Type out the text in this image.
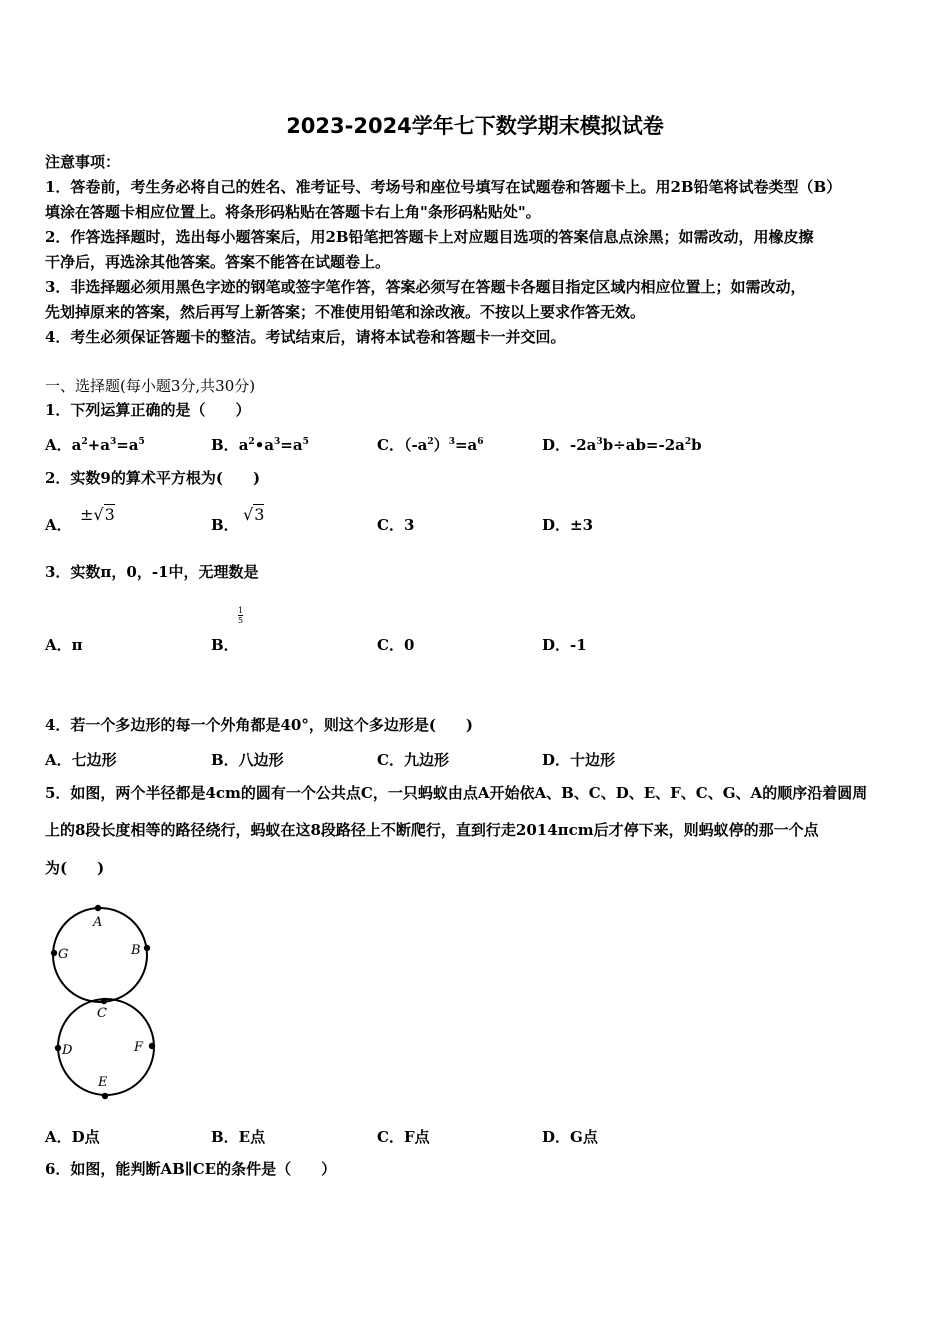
2023-2024学年七下数学期末模拟试卷
注意事项：
1．答卷前，考生务必将自己的姓名、准考证号、考场号和座位号填写在试题卷和答题卡上。用2B铅笔将试卷类型（B）
填涂在答题卡相应位置上。将条形码粘贴在答题卡右上角"条形码粘贴处"。
2．作答选择题时，选出每小题答案后，用2B铅笔把答题卡上对应题目选项的答案信息点涂黑；如需改动，用橡皮擦
干净后，再选涂其他答案。答案不能答在试题卷上。
3．非选择题必须用黑色字迹的钢笔或签字笔作答，答案必须写在答题卡各题目指定区域内相应位置上；如需改动，
先划掉原来的答案，然后再写上新答案；不准使用铅笔和涂改液。不按以上要求作答无效。
4．考生必须保证答题卡的整洁。考试结束后，请将本试卷和答题卡一并交回。
一、选择题(每小题3分,共30分)
1．下列运算正确的是（　　）
A．$a^2+a^3=a^5$	B．$a^2•a^3=a^5$	C．$(-a^2)^3=a^6$	D．$-2a^3b\div ab=-2a^2b$
2．实数9的算术平方根为(　　)
A．
±√3
B．
√3
C．3	D．±3
3．实数π，0，-1中，无理数是
A．π	B．
$\frac{1}{5}$
C．0	D．-1
4．若一个多边形的每一个外角都是40°，则这个多边形是(　　)
A．七边形	B．八边形	C．九边形	D．十边形
5．如图，两个半径都是4cm的圆有一个公共点C，一只蚂蚁由点A开始依A、B、C、D、E、F、C、G、A的顺序沿着圆周
上的8段长度相等的路径绕行，蚂蚁在这8段路径上不断爬行，直到行走2014πcm后才停下来，则蚂蚁停的那一个点
为(　　)
A
B
G
C
D	F
E
A．D点	B．E点	C．F点	D．G点
6．如图，能判断AB∥CE的条件是（　　）
